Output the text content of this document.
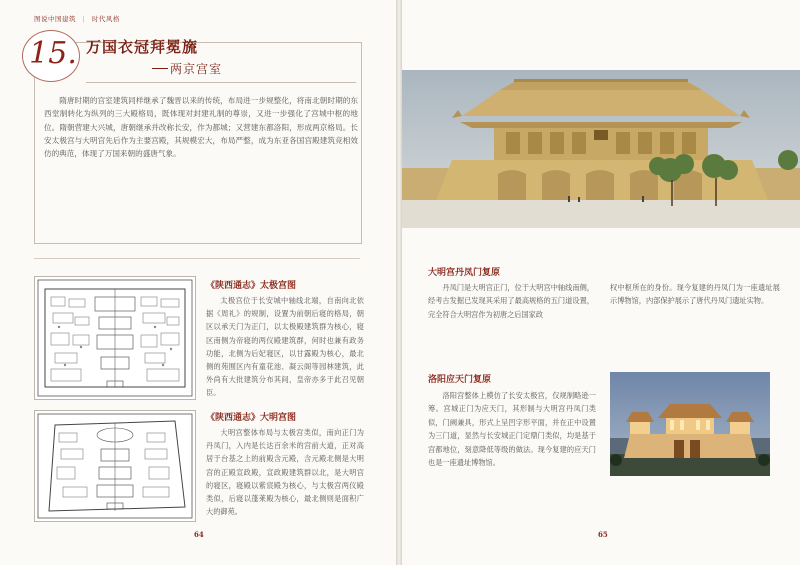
图说中国建筑 | 时代风格
15. 万国衣冠拜冕旒
两京宫室
隋唐时期的宫室建筑同样继承了魏晋以来的传统，布局进一步规整化，将南北朝时期的东西堂制转化为纵列的三大殿格局，既体现对封建礼制的尊崇，又进一步强化了宫城中枢的地位。隋朝营建大兴城，唐朝继承并改称长安，作为都城；又营建东都洛阳，形成两京格局。长安太极宫与大明宫先后作为主要宫殿，其规模宏大，布局严整，成为东亚各国宫殿建筑竞相效仿的典范，体现了万国来朝的盛唐气象。
《陕西通志》太极宫图
太极宫位于长安城中轴线北端，自南向北依据《周礼》的规制，设置为前朝后寝的格局，朝区以承天门为正门，以太极殿建筑群为核心，寝区南侧为帝寝的两仪殿建筑群，何时也兼有政务功能，北侧为后妃寝区，以甘露殿为核心，最北侧的苑囿区内有童花池、凝云阁等园林建筑，此外尚有大批建筑分布其间，皇帝亦多于此召见朝臣。
《陕西通志》大明宫图
大明宫整体布局与太极宫类似，南向正门为丹凤门，入内是长达百余米的宫前大道，正对高居于台基之上的前殿含元殿，含元殿北侧是大明宫的正殿宣政殿，宣政殿建筑群以北，是大明宫的寝区，寝殿以紫宸殿为核心，与太极宫两仪殿类似，后寝以蓬莱殿为核心，最北侧则是面积广大的御苑。
64
大明宫丹凤门复原
丹凤门是大明宫正门，位于大明宫中轴线南侧，经考古发掘已发现其采用了最高规格的五门道设置，完全符合大明宫作为初唐之后国家政
权中枢所在的身份。现今复建的丹凤门为一座遗址展示博物馆，内部保护展示了唐代丹凤门遗址实物。
洛阳应天门复原
洛阳宫整体上模仿了长安太极宫，仅规制略逊一筹。宫城正门为应天门，其形制与大明宫丹凤门类似，门阙兼具，形式上呈凹字形平面，并在正中设置为三门道，显然与长安城正门定鼎门类似，均是基于宫都地位，刻意降低等级的做法。现今复建的应天门也是一座遗址博物馆。
65
